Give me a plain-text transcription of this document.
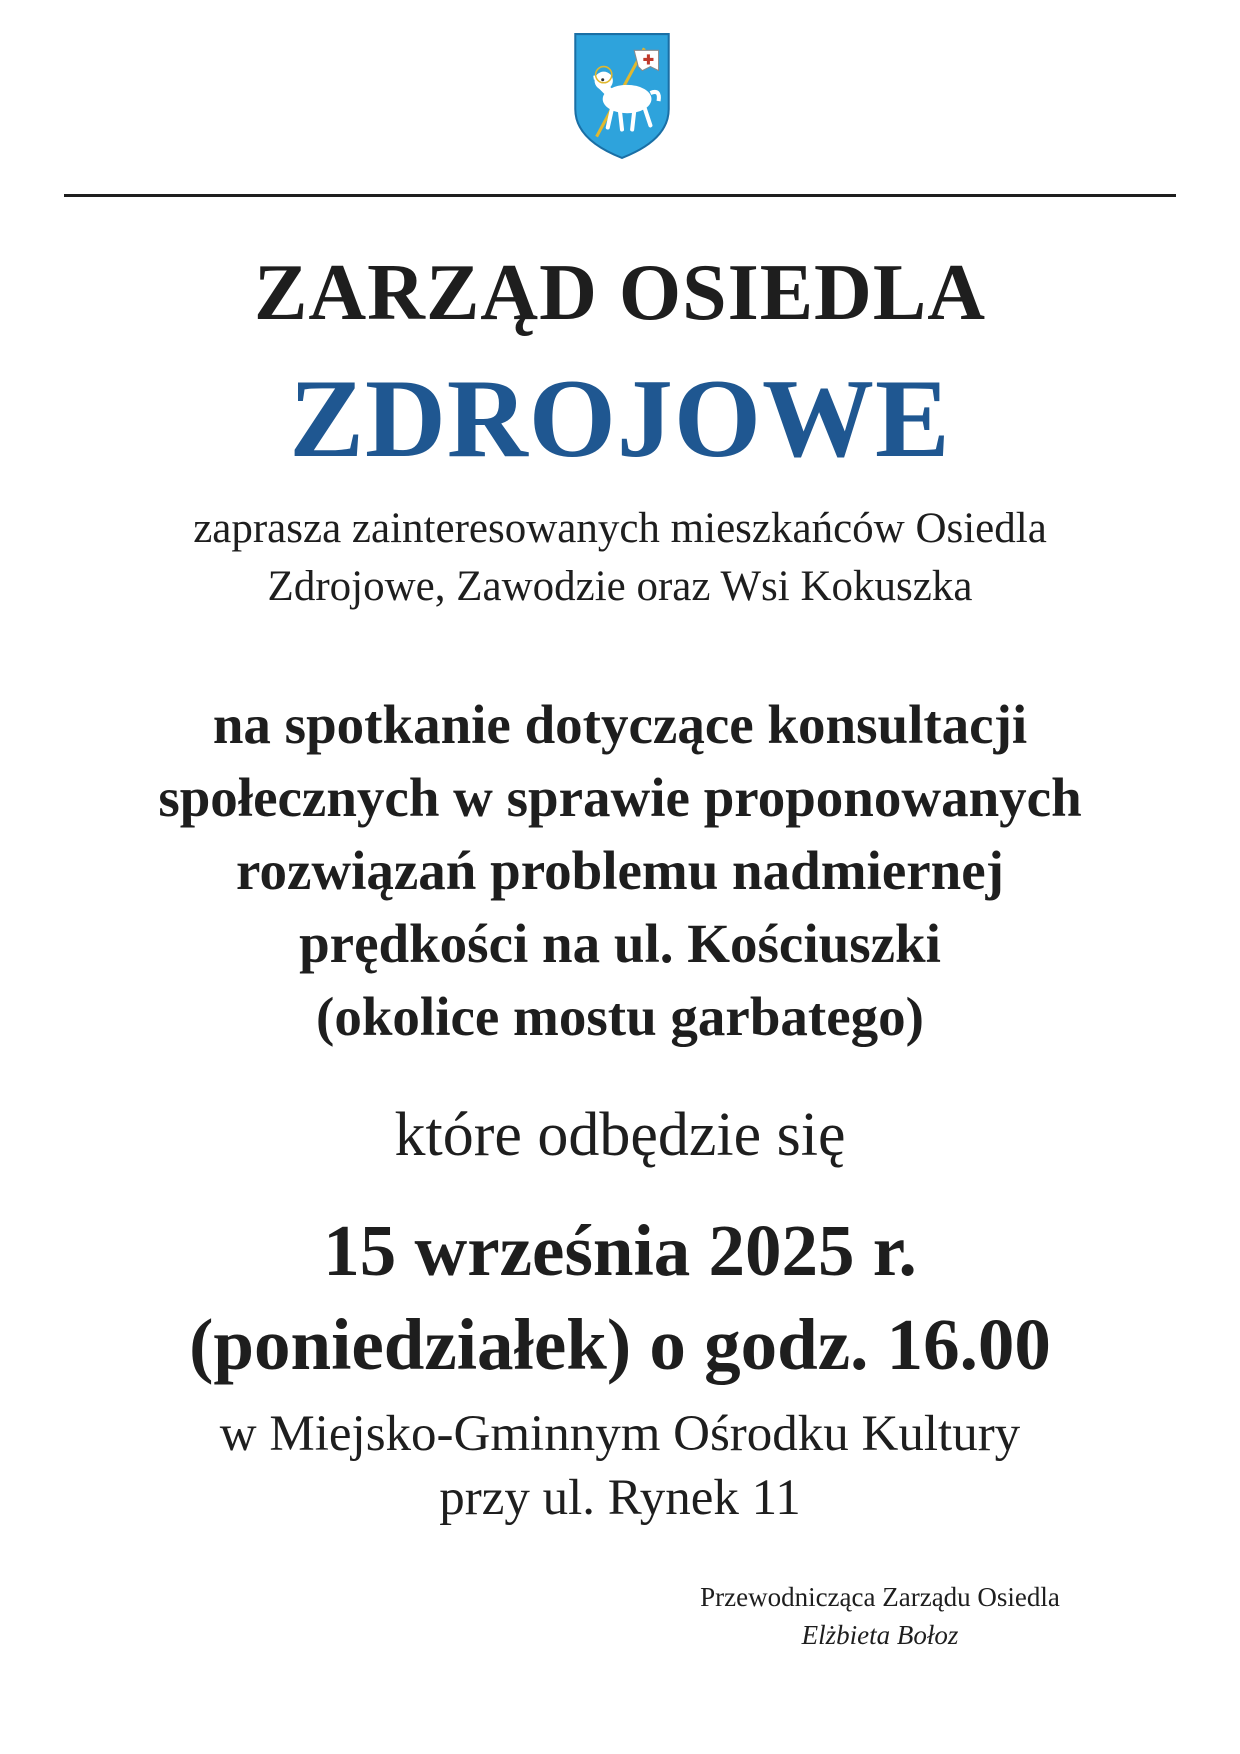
ZARZĄD OSIEDLA
ZDROJOWE
zaprasza zainteresowanych mieszkańców Osiedla
Zdrojowe, Zawodzie oraz Wsi Kokuszka
na spotkanie dotyczące konsultacji
społecznych w sprawie proponowanych
rozwiązań problemu nadmiernej
prędkości na ul. Kościuszki
(okolice mostu garbatego)
które odbędzie się
15 września 2025 r.
(poniedziałek) o godz. 16.00
w Miejsko-Gminnym Ośrodku Kultury
przy ul. Rynek 11
Przewodnicząca Zarządu Osiedla
Elżbieta Bołoz
